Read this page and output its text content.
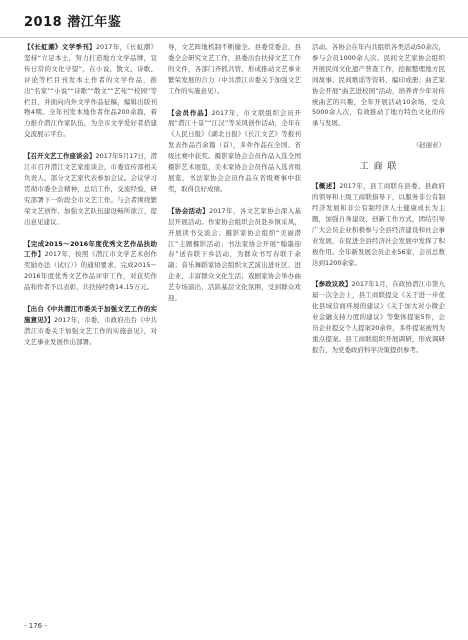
2018 潜江年鉴
【《长虹潮》文学季刊】2017年，《长虹潮》坚持“立足本土，努力打造地方文学品牌，宣传日常的文化守望”，在小说、散文、诗歌、评论等栏目刊发本土作者的文学作品，推出“名家”“小说”“诗歌”“散文”“艺苑”“校园”等栏目，并面向内外文学作品征稿，编辑出版刊物4期。全年刊发本地作者作品200余篇，着力推介潜江作家队伍，为全市文学爱好者搭建交流展示平台。
【召开文艺工作座谈会】2017年5月17日，潜江市召开潜江文艺家座谈会，市委宣传部相关负责人、部分文艺家代表参加会议。会议学习贯彻市委全会精神，总结工作，交流经验，研究部署下一阶段全市文艺工作。与会者围绕繁荣文艺创作、加强文艺队伍建设畅所欲言，提出意见建议。
【完成2015～2016年度优秀文艺作品扶助工作】2017年，按照《潜江市文学艺术创作奖励办法（试行）》的通知要求，完成2015～2016年度优秀文艺作品评审工作，对获奖作品和作者予以表彰，共扶持经费14.15万元。
【出台《中共潜江市委关于加强文艺工作的实施意见》】2017年，市委、市政府出台《中共潜江市委关于加强文艺工作的实施意见》，对文艺事业发展作出部署。
导，文艺阵地机制不断健全。县委常委会、县委全会研究文艺工作，县委出台扶持文艺工作的文件，各部门齐抓共管，形成推动文艺事业繁荣发展的合力（中共潜江市委关于加强文艺工作的实施意见）。
【会员作品】2017年，市文联组织会员开展“潜江十景”“江汉”等采风创作活动，全年在《人民日报》《湖北日报》《长江文艺》等报刊发表作品百余篇（首），多件作品在全国、省级比赛中获奖。摄影家协会会员作品入选全国摄影艺术展览，美术家协会会员作品入选省级展览，书法家协会会员作品在省级赛事中获奖，取得良好成绩。
【协会活动】2017年，各文艺家协会深入基层开展活动。作家协会组织会员赴乡镇采风，开展读书交流会；摄影家协会组织“美丽潜江”主题摄影活动；书法家协会开展“翰墨迎春”送春联下乡活动，为群众书写春联千余副；音乐舞蹈家协会组织文艺演出进社区、进企业，丰富群众文化生活；戏剧家协会举办曲艺专场演出，活跃基层文化氛围，受到群众欢迎。
活动。各协会在年内共组织各类活动50余次，参与会员1000余人次。民间文艺家协会组织开展民间文化遗产普查工作，挖掘整理地方民间故事、民间歌谣等资料，编印成册；曲艺家协会开展“曲艺进校园”活动，培养青少年对传统曲艺的兴趣，全年开展活动10余场，受众5000余人次，有效推动了地方特色文化的传承与发展。
（赵丽亚）
工 商 联
【概述】2017年，县工商联在县委、县政府的领导和上级工商联指导下，以服务非公有制经济发展和非公有制经济人士健康成长为主题，加强自身建设，创新工作方式，团结引导广大会员企业积极参与全县经济建设和社会事业发展，在促进全县经济社会发展中发挥了积极作用。全年新发展会员企业56家，会员总数达到1200余家。
【参政议政】2017年1月，在政协潜江市第九届一次全会上，县工商联提交《关于进一步优化县域营商环境的建议》《关于加大对小微企业金融支持力度的建议》等集体提案5件，会员企业提交个人提案20余件，多件提案被列为重点提案。县工商联组织开展调研，形成调研报告，为党委政府科学决策提供参考。
- 176 -
